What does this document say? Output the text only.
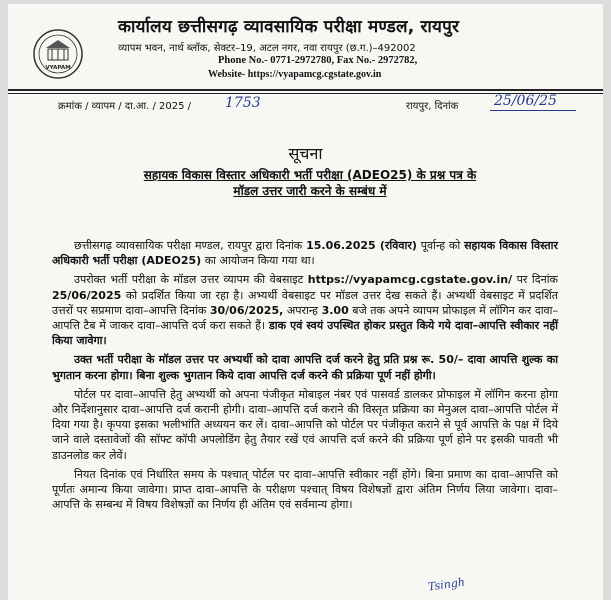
VYAPAM
कार्यालय छत्तीसगढ़ व्यावसायिक परीक्षा मण्डल, रायपुर
व्यापम भवन, नार्थ ब्लॉक, सेक्टर–19, अटल नगर, नवा रायपुर (छ.ग.)–492002
Phone No.- 0771-2972780, Fax No.- 2972782,
Website- https://vyapamcg.cgstate.gov.in
क्रमांक / व्यापम / दा.आ. / 2025 / 1753	रायपुर, दिनांक	25/06/25
सूचना
सहायक विकास विस्तार अधिकारी भर्ती परीक्षा (ADEO25) के प्रश्न पत्र के
मॉडल उत्तर जारी करने के सम्बंध में

छत्तीसगढ़ व्यावसायिक परीक्षा मण्डल, रायपुर द्वारा दिनांक 15.06.2025 (रविवार) पूर्वान्ह को सहायक विकास विस्तार अधिकारी भर्ती परीक्षा (ADEO25) का आयोजन किया गया था।

उपरोक्त भर्ती परीक्षा के मॉडल उत्तर व्यापम की वेबसाइट https://vyapamcg.cgstate.gov.in/ पर दिनांक 25/06/2025 को प्रदर्शित किया जा रहा है। अभ्यर्थी वेबसाइट पर मॉडल उत्तर देख सकते हैं। अभ्यर्थी वेबसाइट में प्रदर्शित उत्तरों पर सप्रमाण दावा–आपत्ति दिनांक 30/06/2025, अपरान्ह 3.00 बजे तक अपने व्यापम प्रोफाइल में लॉगिन कर दावा–आपत्ति टैब में जाकर दावा–आपत्ति दर्ज करा सकते हैं। डाक एवं स्वयं उपस्थित होकर प्रस्तुत किये गये दावा–आपत्ति स्वीकार नहीं किया जावेगा।

उक्त भर्ती परीक्षा के मॉडल उत्तर पर अभ्यर्थी को दावा आपत्ति दर्ज करने हेतु प्रति प्रश्न रू. 50/– दावा आपत्ति शुल्क का भुगतान करना होगा। बिना शुल्क भुगतान किये दावा आपत्ति दर्ज करने की प्रक्रिया पूर्ण नहीं होगी।

पोर्टल पर दावा–आपत्ति हेतु अभ्यर्थी को अपना पंजीकृत मोबाइल नंबर एवं पासवर्ड डालकर प्रोफाइल में लॉगिन करना होगा और निर्देशानुसार दावा–आपत्ति दर्ज करानी होगी। दावा–आपत्ति दर्ज कराने की विस्तृत प्रक्रिया का मेनुअल दावा–आपत्ति पोर्टल में दिया गया है। कृपया इसका भलीभांति अध्ययन कर लें। दावा–आपत्ति को पोर्टल पर पंजीकृत कराने से पूर्व आपत्ति के पक्ष में दिये जाने वाले दस्तावेजों की सॉफ्ट कॉपी अपलोडिंग हेतु तैयार रखें एवं आपत्ति दर्ज करने की प्रक्रिया पूर्ण होने पर इसकी पावती भी डाउनलोड कर लेवें।

नियत दिनांक एवं निर्धारित समय के पश्चात् पोर्टल पर दावा–आपत्ति स्वीकार नहीं होंगे। बिना प्रमाण का दावा–आपत्ति को पूर्णतः अमान्य किया जावेगा। प्राप्त दावा–आपत्ति के परीक्षण पश्चात् विषय विशेषज्ञों द्वारा अंतिम निर्णय लिया जावेगा। दावा–आपत्ति के सम्बन्ध में विषय विशेषज्ञों का निर्णय ही अंतिम एवं सर्वमान्य होगा।

Tsingh
